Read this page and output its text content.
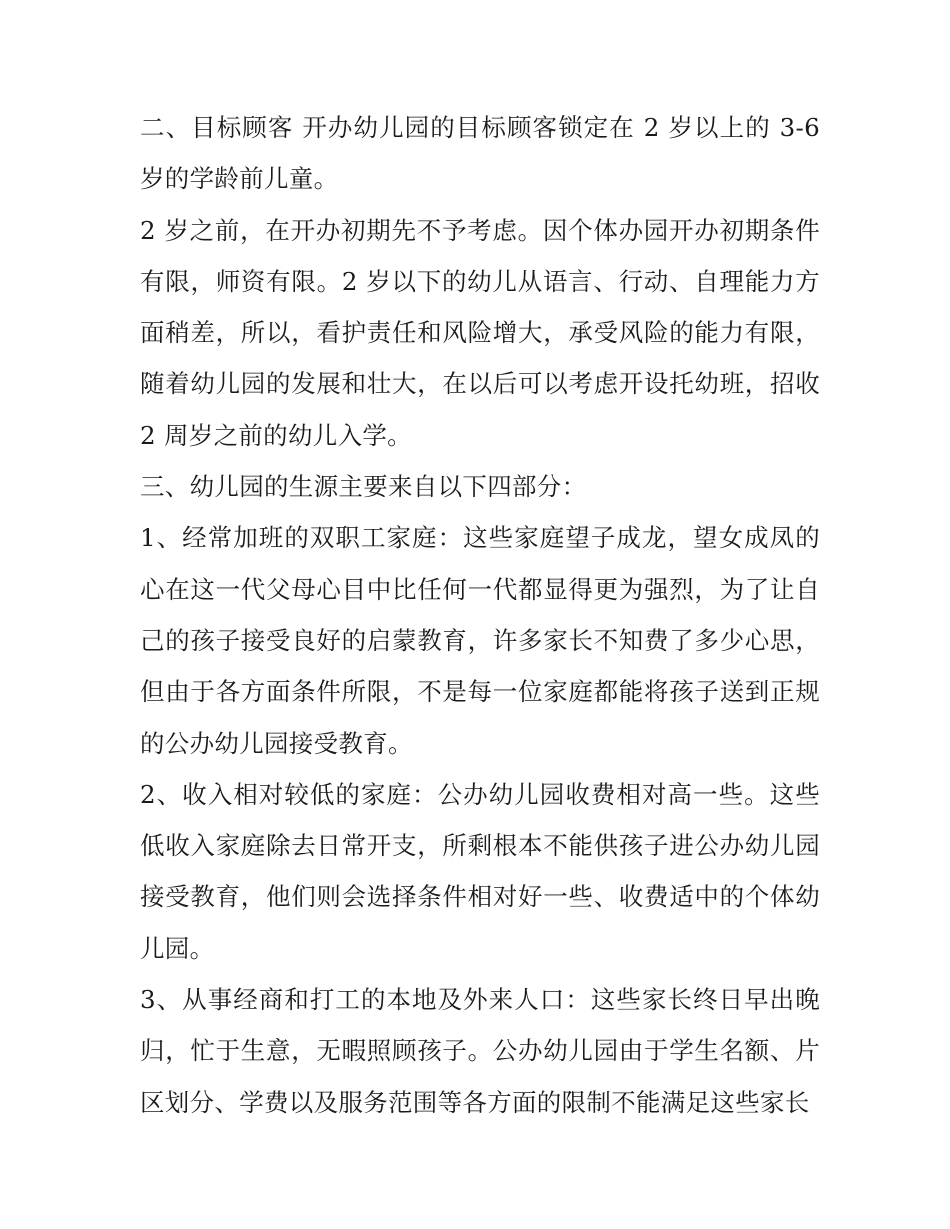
二、目标顾客 开办幼儿园的目标顾客锁定在 2 岁以上的 3-6 岁的学龄前儿童。

2 岁之前，在开办初期先不予考虑。因个体办园开办初期条件有限，师资有限。2 岁以下的幼儿从语言、行动、自理能力方面稍差，所以，看护责任和风险增大，承受风险的能力有限，随着幼儿园的发展和壮大，在以后可以考虑开设托幼班，招收 2 周岁之前的幼儿入学。

三、幼儿园的生源主要来自以下四部分：

1、经常加班的双职工家庭：这些家庭望子成龙，望女成凤的心在这一代父母心目中比任何一代都显得更为强烈，为了让自己的孩子接受良好的启蒙教育，许多家长不知费了多少心思，但由于各方面条件所限，不是每一位家庭都能将孩子送到正规的公办幼儿园接受教育。

2、收入相对较低的家庭：公办幼儿园收费相对高一些。这些低收入家庭除去日常开支，所剩根本不能供孩子进公办幼儿园接受教育，他们则会选择条件相对好一些、收费适中的个体幼儿园。

3、从事经商和打工的本地及外来人口：这些家长终日早出晚归，忙于生意，无暇照顾孩子。公办幼儿园由于学生名额、片区划分、学费以及服务范围等各方面的限制不能满足这些家长
